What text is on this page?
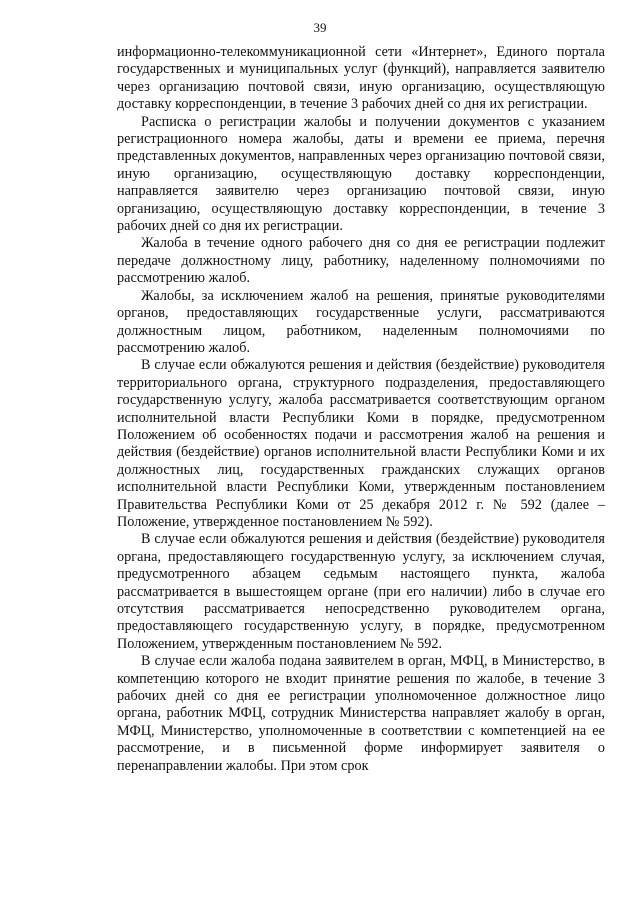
39

информационно-телекоммуникационной сети «Интернет», Единого портала государственных и муниципальных услуг (функций), направляется заявителю через организацию почтовой связи, иную организацию, осуществляющую доставку корреспонденции, в течение 3 рабочих дней со дня их регистрации.

Расписка о регистрации жалобы и получении документов с указанием регистрационного номера жалобы, даты и времени ее приема, перечня представленных документов, направленных через организацию почтовой связи, иную организацию, осуществляющую доставку корреспонденции, направляется заявителю через организацию почтовой связи, иную организацию, осуществляющую доставку корреспонденции, в течение 3 рабочих дней со дня их регистрации.

Жалоба в течение одного рабочего дня со дня ее регистрации подлежит передаче должностному лицу, работнику, наделенному полномочиями по рассмотрению жалоб.

Жалобы, за исключением жалоб на решения, принятые руководителями органов, предоставляющих государственные услуги, рассматриваются должностным лицом, работником, наделенным полномочиями по рассмотрению жалоб.

В случае если обжалуются решения и действия (бездействие) руководителя территориального органа, структурного подразделения, предоставляющего государственную услугу, жалоба рассматривается соответствующим органом исполнительной власти Республики Коми в порядке, предусмотренном Положением об особенностях подачи и рассмотрения жалоб на решения и действия (бездействие) органов исполнительной власти Республики Коми и их должностных лиц, государственных гражданских служащих органов исполнительной власти Республики Коми, утвержденным постановлением Правительства Республики Коми от 25 декабря 2012 г. № 592 (далее – Положение, утвержденное постановлением № 592).

В случае если обжалуются решения и действия (бездействие) руководителя органа, предоставляющего государственную услугу, за исключением случая, предусмотренного абзацем седьмым настоящего пункта, жалоба рассматривается в вышестоящем органе (при его наличии) либо в случае его отсутствия рассматривается непосредственно руководителем органа, предоставляющего государственную услугу, в порядке, предусмотренном Положением, утвержденным постановлением № 592.

В случае если жалоба подана заявителем в орган, МФЦ, в Министерство, в компетенцию которого не входит принятие решения по жалобе, в течение 3 рабочих дней со дня ее регистрации уполномоченное должностное лицо органа, работник МФЦ, сотрудник Министерства направляет жалобу в орган, МФЦ, Министерство, уполномоченные в соответствии с компетенцией на ее рассмотрение, и в письменной форме информирует заявителя о перенаправлении жалобы. При этом срок
